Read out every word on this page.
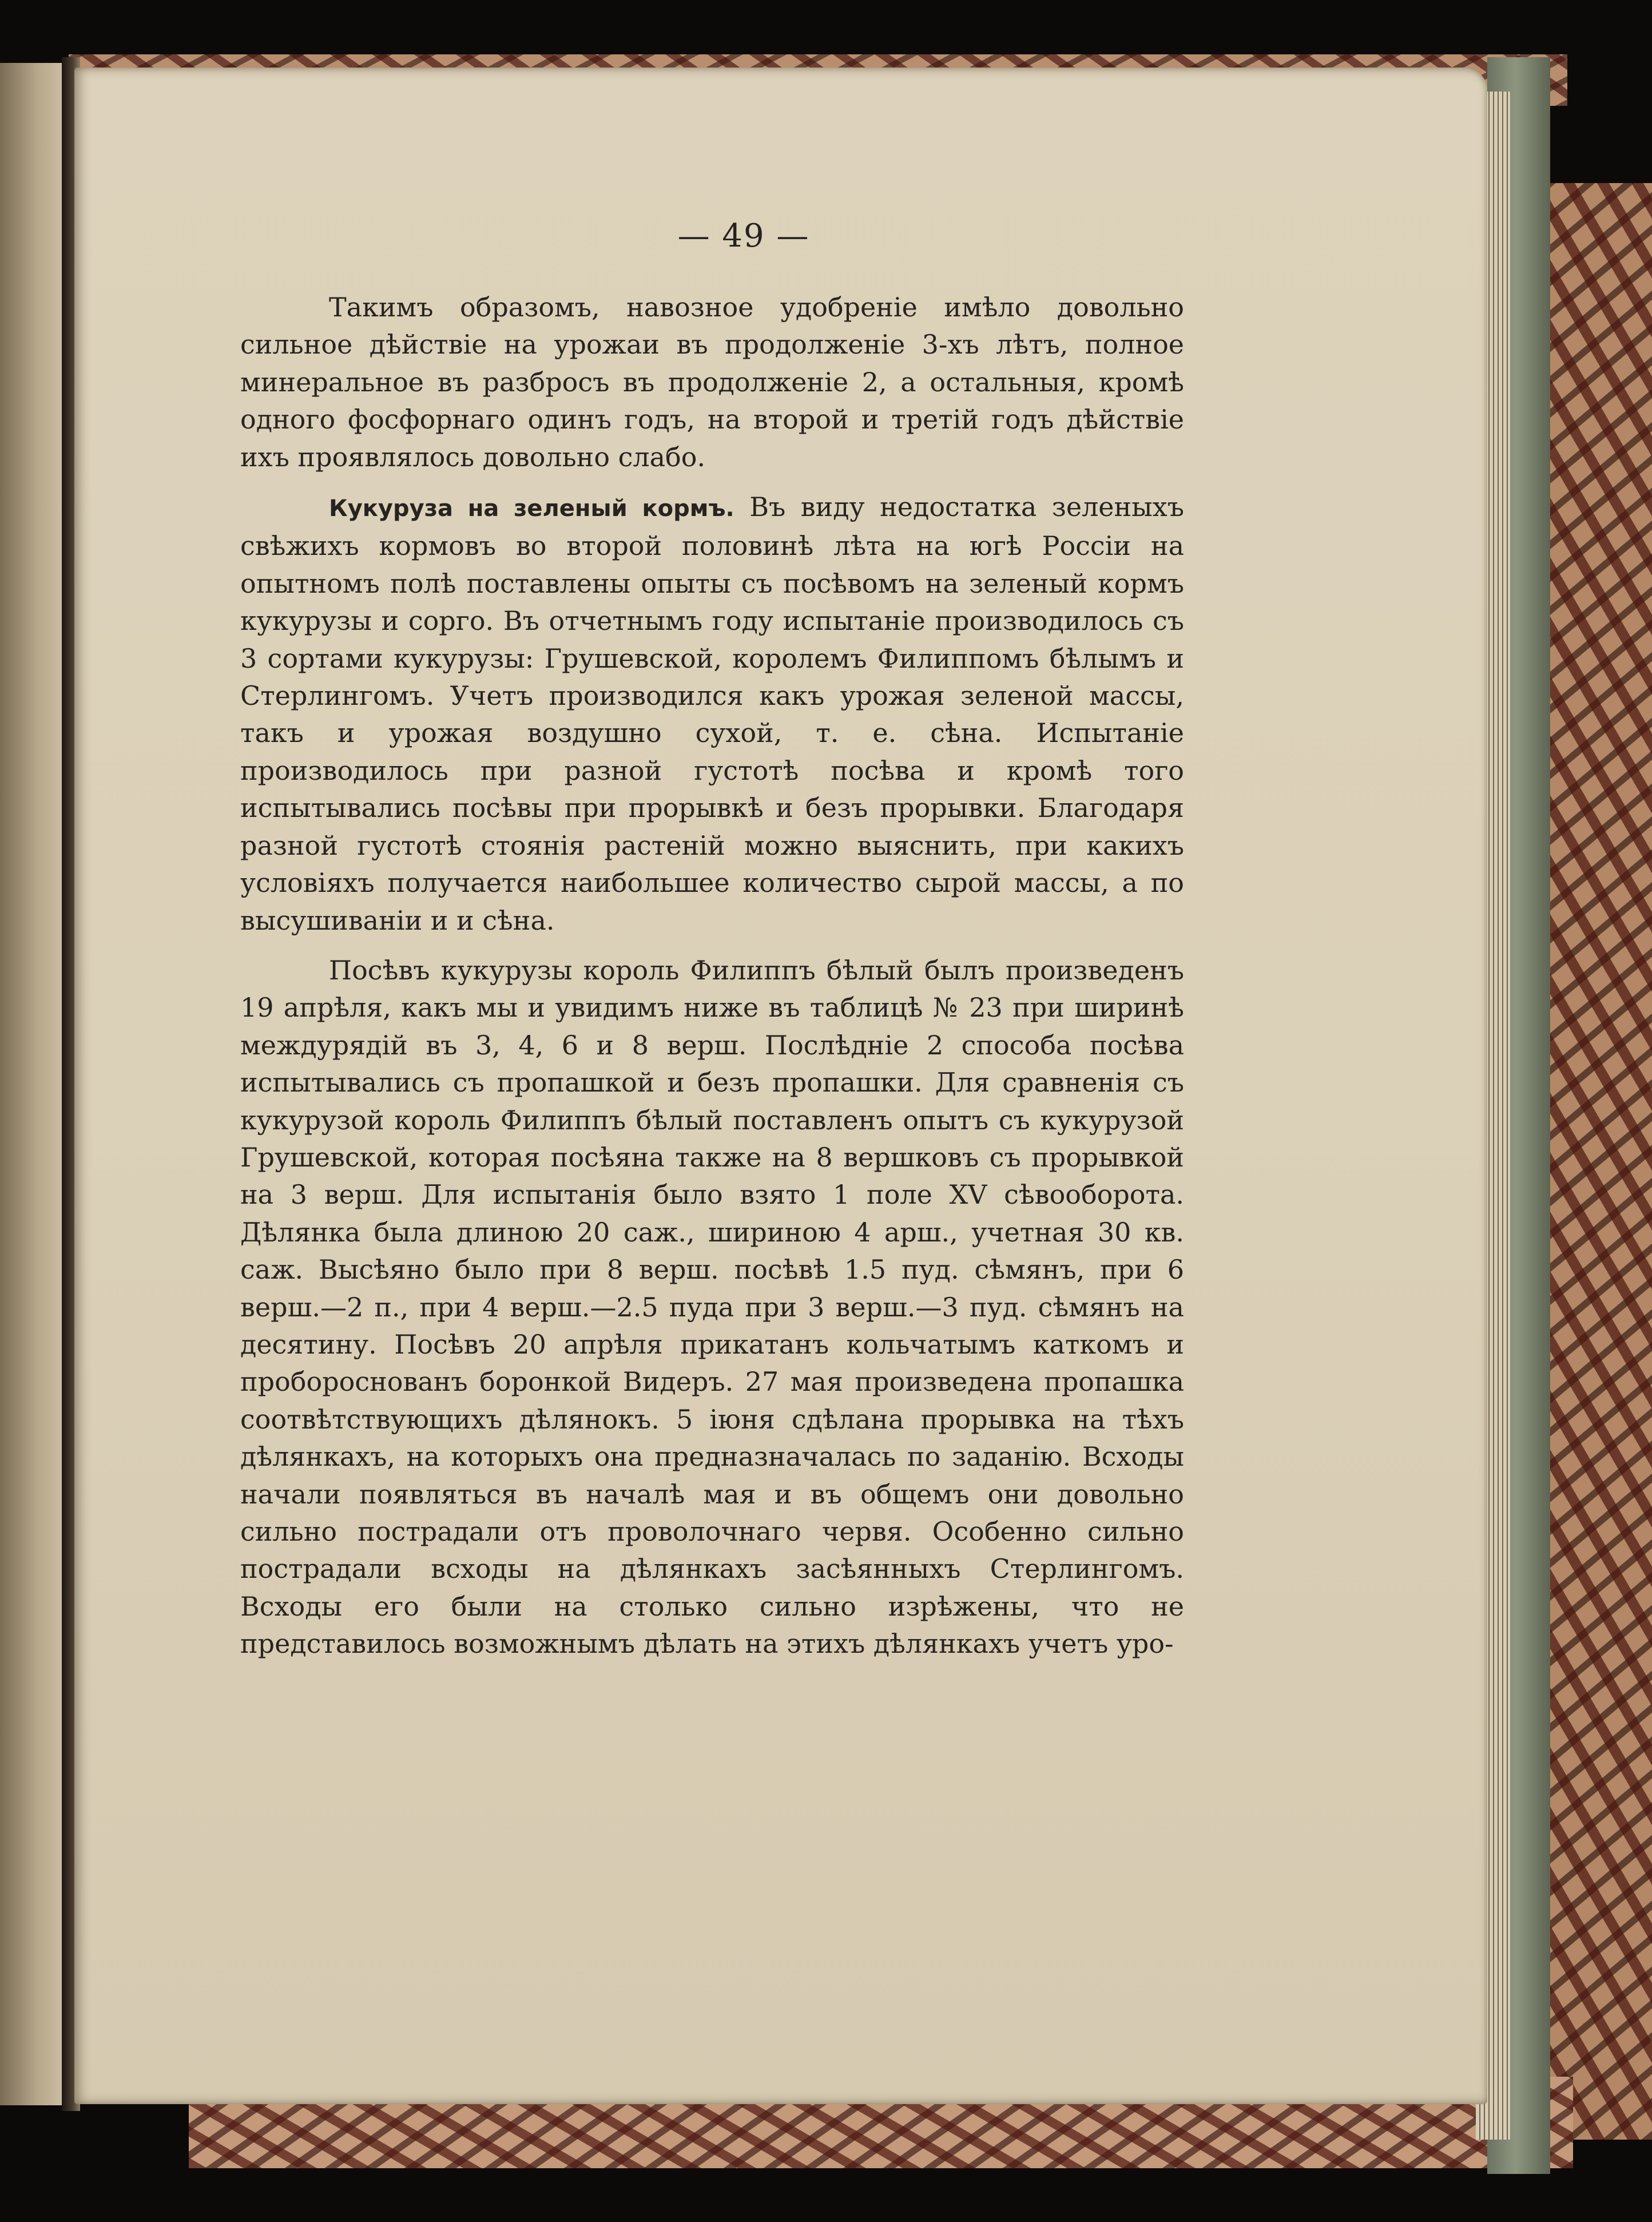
— 49 —

Такимъ образомъ, навозное удобренiе имѣло довольно сильное дѣйствiе на урожаи въ продолженiе 3-хъ лѣтъ, полное минеральное въ разбросъ въ продолженiе 2, а остальныя, кромѣ одного фосфорнаго одинъ годъ, на второй и третiй годъ дѣйствiе ихъ проявлялось довольно слабо.

Кукуруза на зеленый кормъ. Въ виду недостатка зеленыхъ свѣжихъ кормовъ во второй половинѣ лѣта на югѣ Россiи на опытномъ полѣ поставлены опыты съ посѣвомъ на зеленый кормъ кукурузы и сорго. Въ отчетнымъ году испытанiе производилось съ 3 сортами кукурузы: Грушевской, королемъ Филиппомъ бѣлымъ и Стерлингомъ. Учетъ производился какъ урожая зеленой массы, такъ и урожая воздушно сухой, т. е. сѣна. Испытанiе производилось при разной густотѣ посѣва и кромѣ того испытывались посѣвы при прорывкѣ и безъ прорывки. Благодаря разной густотѣ стоянiя растенiй можно выяснить, при какихъ условiяхъ получается наибольшее количество сырой массы, а по высушиванiи и и сѣна.

Посѣвъ кукурузы король Филиппъ бѣлый былъ произведенъ 19 апрѣля, какъ мы и увидимъ ниже въ таблицѣ № 23 при ширинѣ междурядiй въ 3, 4, 6 и 8 верш. Послѣднiе 2 способа посѣва испытывались съ пропашкой и безъ пропашки. Для сравненiя съ кукурузой король Филиппъ бѣлый поставленъ опытъ съ кукурузой Грушевской, которая посѣяна также на 8 вершковъ съ прорывкой на 3 верш. Для испытанiя было взято 1 поле XV сѣвооборота. Дѣлянка была длиною 20 саж., шириною 4 арш., учетная 30 кв. саж. Высѣяно было при 8 верш. посѣвѣ 1.5 пуд. сѣмянъ, при 6 верш.—2 п., при 4 верш.—2.5 пуда при 3 верш.—3 пуд. сѣмянъ на десятину. Посѣвъ 20 апрѣля прикатанъ кольчатымъ каткомъ и пробороснованъ боронкой Видеръ. 27 мая произведена пропашка соотвѣтствующихъ дѣлянокъ. 5 iюня сдѣлана прорывка на тѣхъ дѣлянкахъ, на которыхъ она предназначалась по заданiю. Всходы начали появляться въ началѣ мая и въ общемъ они довольно сильно пострадали отъ проволочнаго червя. Особенно сильно пострадали всходы на дѣлянкахъ засѣянныхъ Стерлингомъ. Всходы его были на столько сильно изрѣжены, что не представилось возможнымъ дѣлать на этихъ дѣлянкахъ учетъ уро-
